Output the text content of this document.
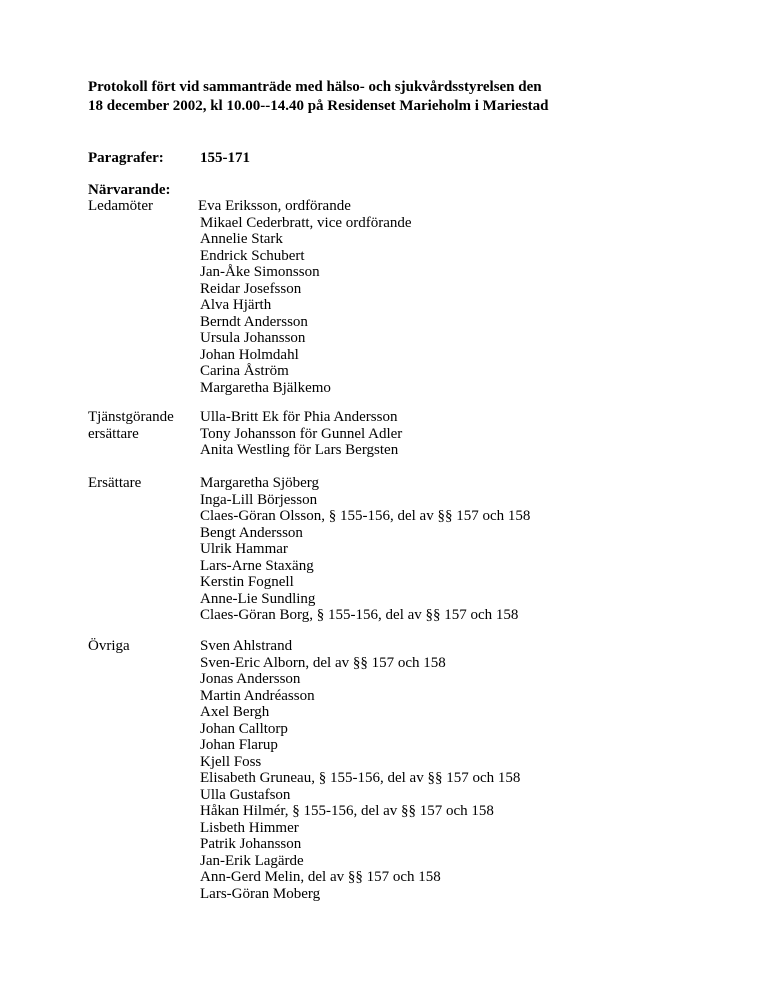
Protokoll fört vid sammanträde med hälso- och sjukvårdsstyrelsen den
18 december 2002, kl 10.00--14.40 på Residenset Marieholm i Mariestad
Paragrafer: 155-171
Närvarande:
Ledamöter	Eva Eriksson, ordförande
Mikael Cederbratt, vice ordförande
Annelie Stark
Endrick Schubert
Jan-Åke Simonsson
Reidar Josefsson
Alva Hjärth
Berndt Andersson
Ursula Johansson
Johan Holmdahl
Carina Åström
Margaretha Bjälkemo
Tjänstgörande
ersättare
Ulla-Britt Ek för Phia Andersson
Tony Johansson för Gunnel Adler
Anita Westling för Lars Bergsten
Ersättare	Margaretha Sjöberg
Inga-Lill Börjesson
Claes-Göran Olsson, § 155-156, del av §§ 157 och 158
Bengt Andersson
Ulrik Hammar
Lars-Arne Staxäng
Kerstin Fognell
Anne-Lie Sundling
Claes-Göran Borg, § 155-156, del av §§ 157 och 158
Övriga	Sven Ahlstrand
Sven-Eric Alborn, del av §§ 157 och 158
Jonas Andersson
Martin Andréasson
Axel Bergh
Johan Calltorp
Johan Flarup
Kjell Foss
Elisabeth Gruneau, § 155-156, del av §§ 157 och 158
Ulla Gustafson
Håkan Hilmér, § 155-156, del av §§ 157 och 158
Lisbeth Himmer
Patrik Johansson
Jan-Erik Lagärde
Ann-Gerd Melin, del av §§ 157 och 158
Lars-Göran Moberg
